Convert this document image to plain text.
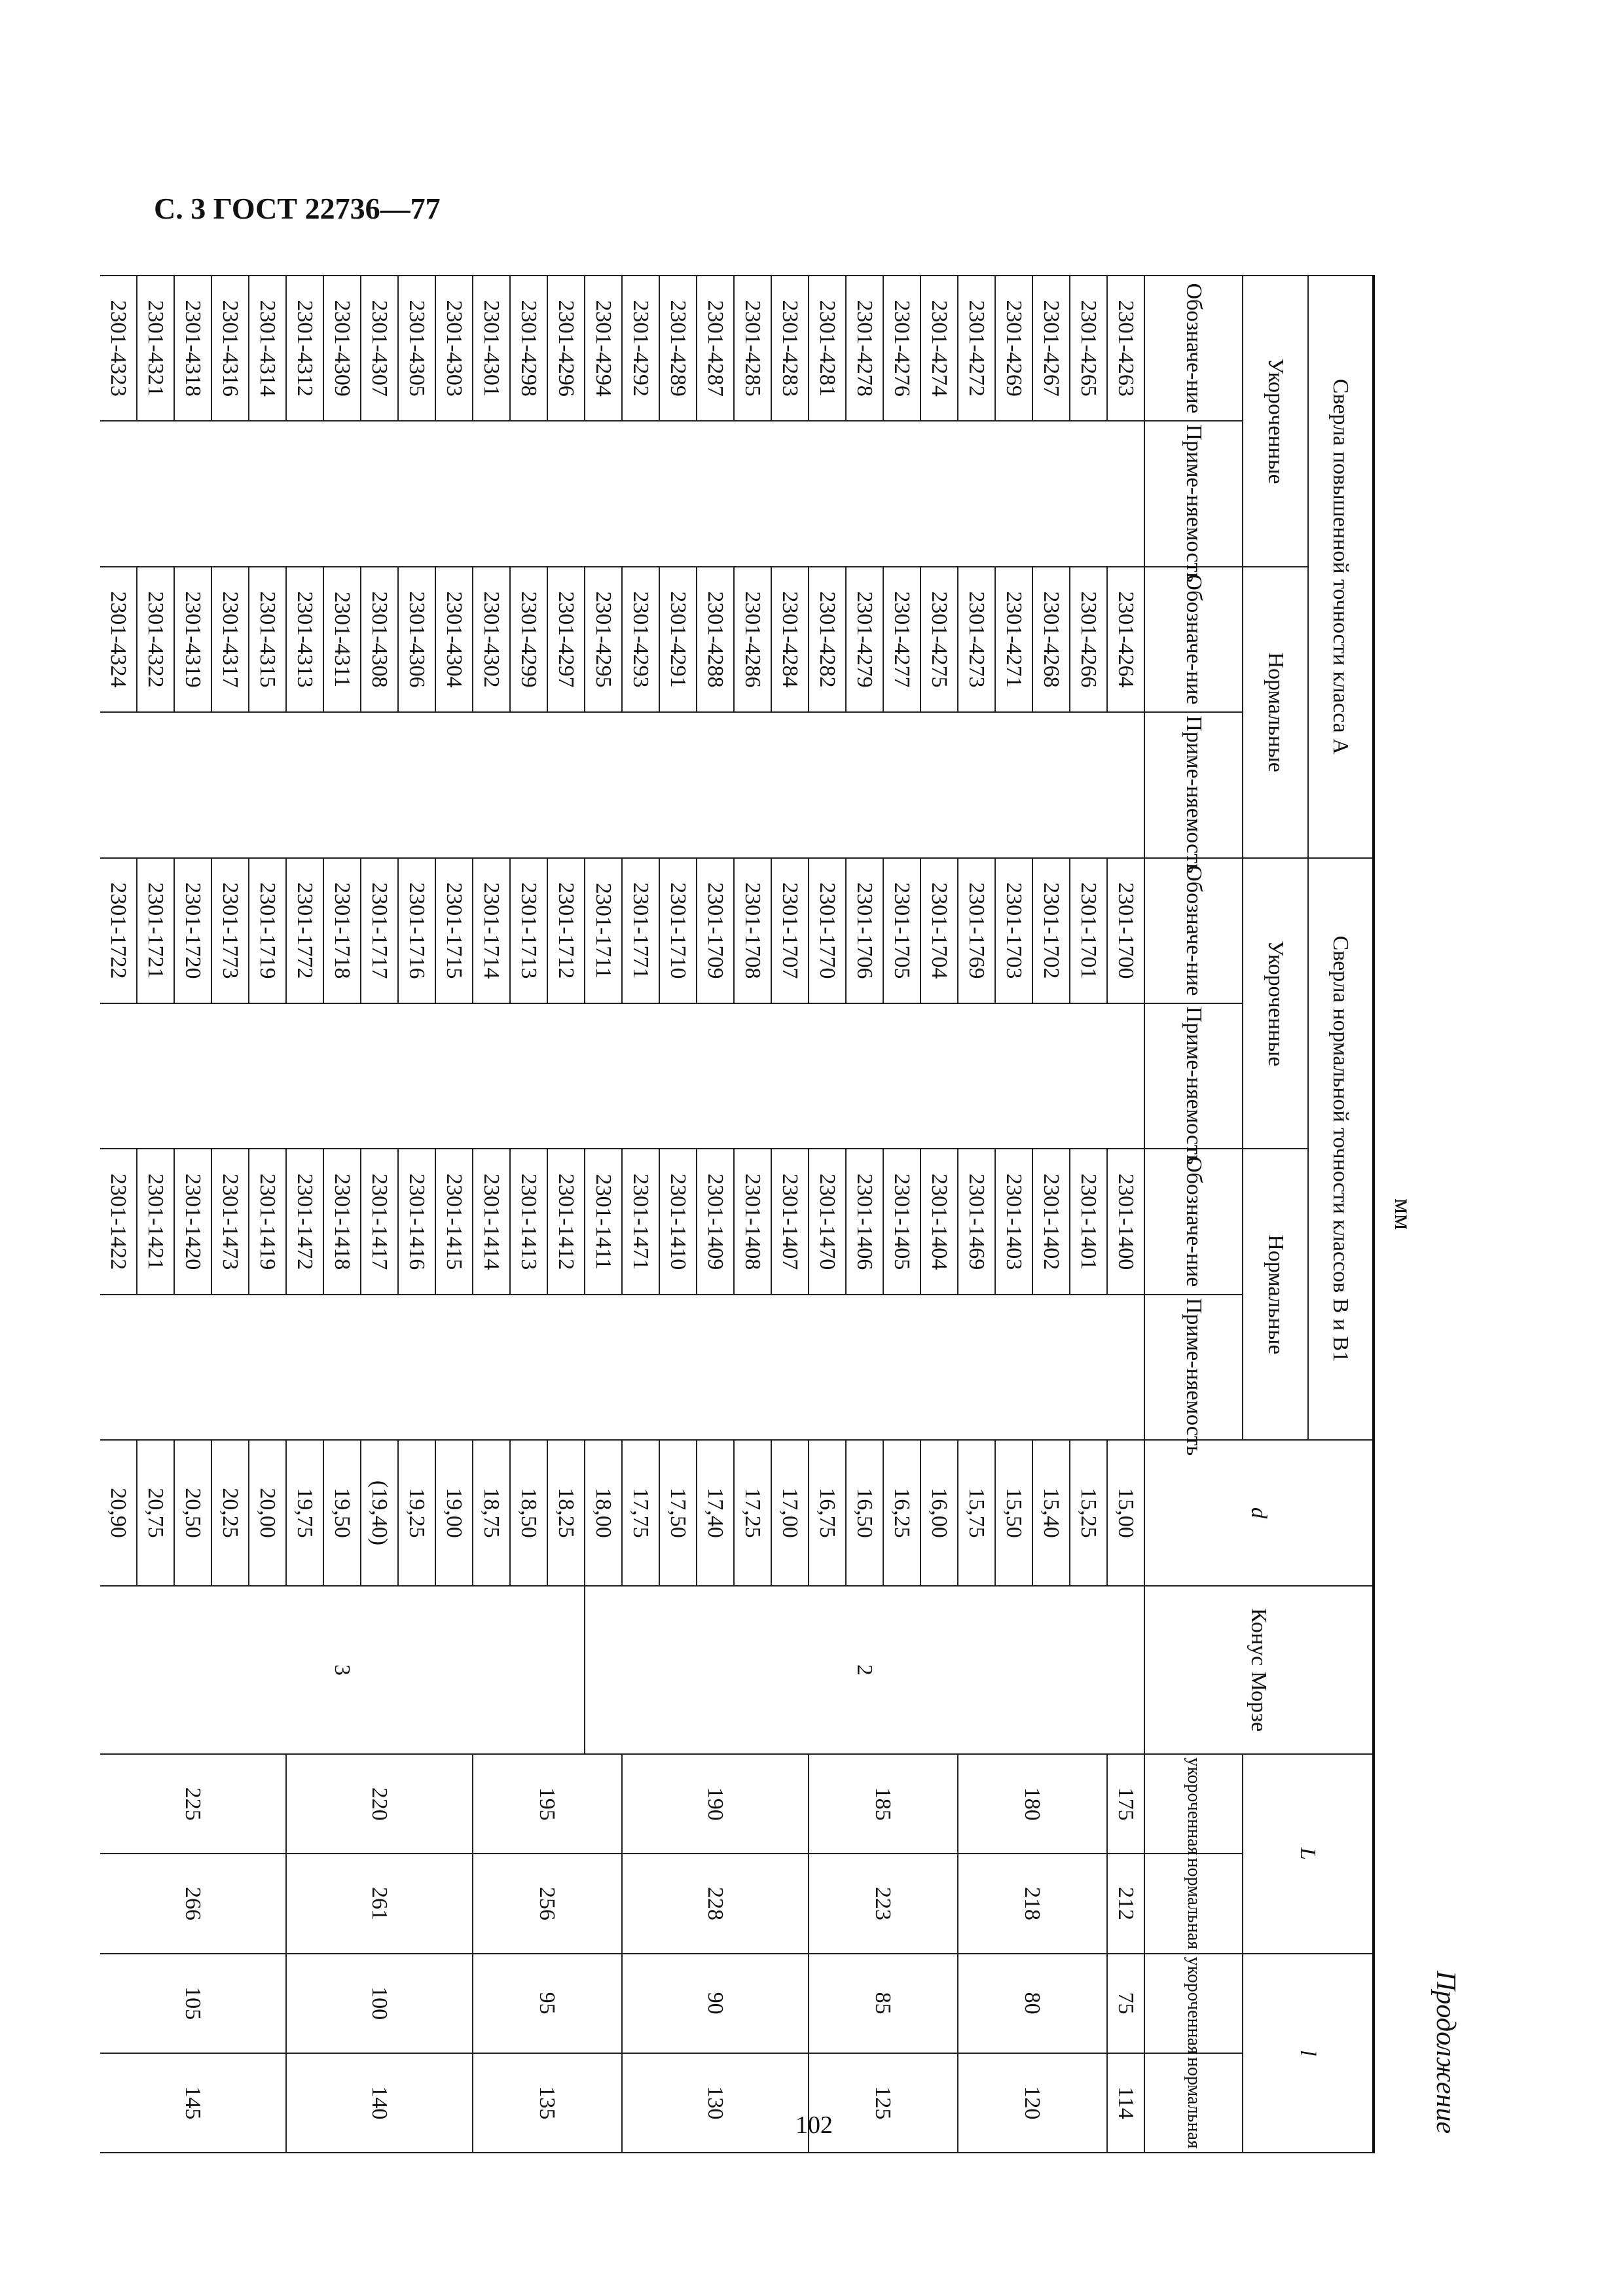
С. 3 ГОСТ 22736—77
Продолжение
мм
Сверла повышенной точности класса А				Сверла нормальной точности классов В и В1				d	Конус Морзе	L		l	
Укороченные		Нормальные		Укороченные		Нормальные							
Обозначе-ние	Приме-няемость	Обозначе-ние	Приме-няемость	Обозначе-ние	Приме-няемость	Обозначе-ние	Приме-няемость			укороченная	нормальная	укороченная	нормальная
2301-4263		2301-4264		2301-1700		2301-1400		15,00	2	175	212	75	114
2301-4265		2301-4266		2301-1701		2301-1401		15,25		180	218	80	120
2301-4267		2301-4268		2301-1702		2301-1402		15,40					
2301-4269		2301-4271		2301-1703		2301-1403		15,50					
2301-4272		2301-4273		2301-1769		2301-1469		15,75					
2301-4274		2301-4275		2301-1704		2301-1404		16,00		185	223	85	125
2301-4276		2301-4277		2301-1705		2301-1405		16,25					
2301-4278		2301-4279		2301-1706		2301-1406		16,50					
2301-4281		2301-4282		2301-1770		2301-1470		16,75					
2301-4283		2301-4284		2301-1707		2301-1407		17,00		190	228	90	130
2301-4285		2301-4286		2301-1708		2301-1408		17,25					
2301-4287		2301-4288		2301-1709		2301-1409		17,40					
2301-4289		2301-4291		2301-1710		2301-1410		17,50					
2301-4292		2301-4293		2301-1771		2301-1471		17,75					
2301-4294		2301-4295		2301-1711		2301-1411		18,00		195	256	95	135
2301-4296		2301-4297		2301-1712		2301-1412		18,25	3				
2301-4298		2301-4299		2301-1713		2301-1413		18,50					
2301-4301		2301-4302		2301-1714		2301-1414		18,75					
2301-4303		2301-4304		2301-1715		2301-1415		19,00		220	261	100	140
2301-4305		2301-4306		2301-1716		2301-1416		19,25					
2301-4307		2301-4308		2301-1717		2301-1417		(19,40)					
2301-4309		2301-4311		2301-1718		2301-1418		19,50					
2301-4312		2301-4313		2301-1772		2301-1472		19,75					
2301-4314		2301-4315		2301-1719		2301-1419		20,00		225	266	105	145
2301-4316		2301-4317		2301-1773		2301-1473		20,25					
2301-4318		2301-4319		2301-1720		2301-1420		20,50					
2301-4321		2301-4322		2301-1721		2301-1421		20,75					
2301-4323		2301-4324		2301-1722		2301-1422		20,90					
102
